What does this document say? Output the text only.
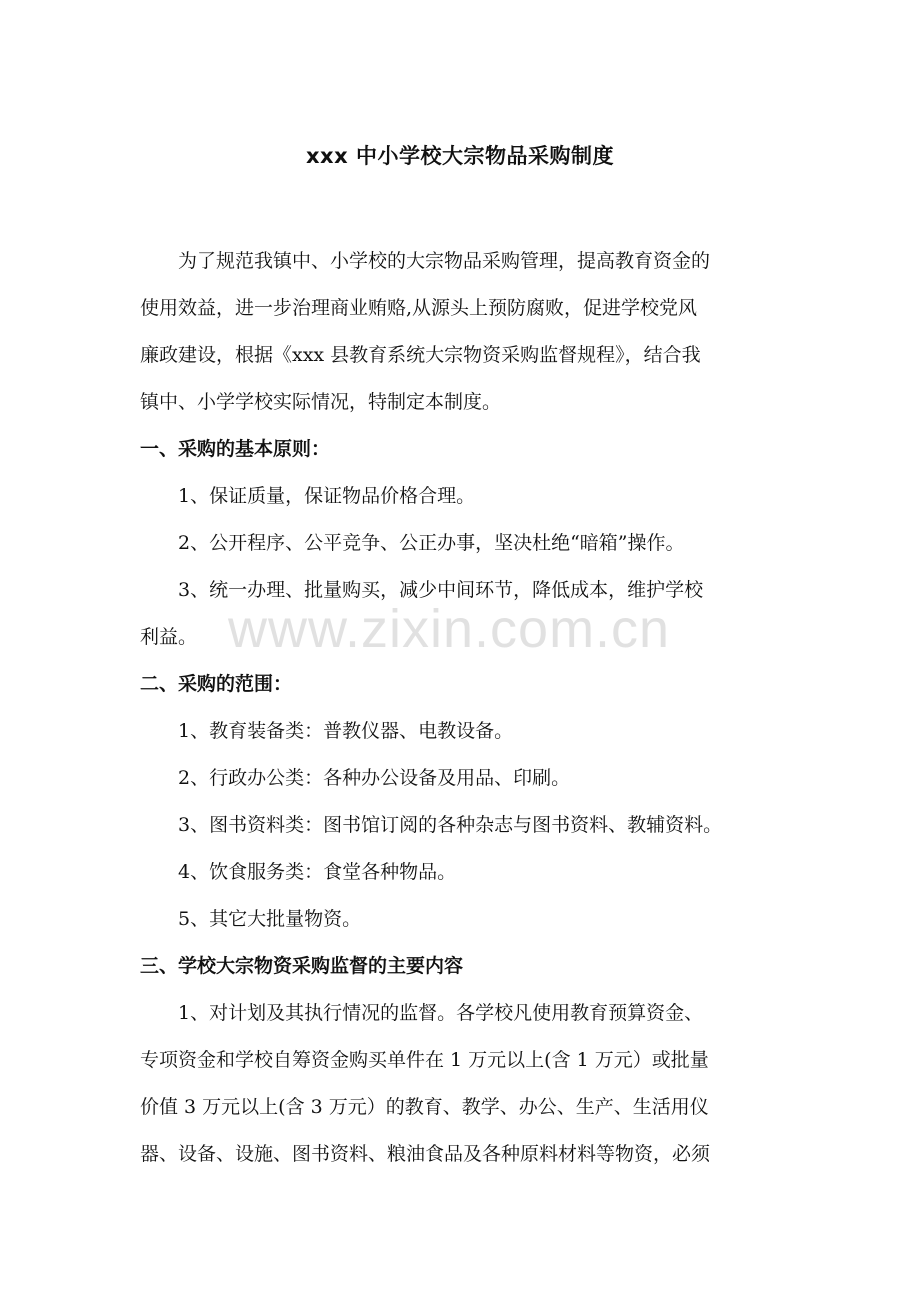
xxx 中小学校大宗物品采购制度

为了规范我镇中、小学校的大宗物品采购管理，提高教育资金的

使用效益，进一步治理商业贿赂,从源头上预防腐败，促进学校党风

廉政建设，根据《xxx 县教育系统大宗物资采购监督规程》，结合我

镇中、小学学校实际情况，特制定本制度。

一、采购的基本原则：

1、保证质量，保证物品价格合理。

2、公开程序、公平竞争、公正办事，坚决杜绝“暗箱”操作。

3、统一办理、批量购买，减少中间环节，降低成本，维护学校

利益。

二、采购的范围：

1、教育装备类：普教仪器、电教设备。

2、行政办公类：各种办公设备及用品、印刷。

3、图书资料类：图书馆订阅的各种杂志与图书资料、教辅资料。

4、饮食服务类：食堂各种物品。

5、其它大批量物资。

三、学校大宗物资采购监督的主要内容

1、对计划及其执行情况的监督。各学校凡使用教育预算资金、

专项资金和学校自筹资金购买单件在 1 万元以上(含 1 万元）或批量

价值 3 万元以上(含 3 万元）的教育、教学、办公、生产、生活用仪

器、设备、设施、图书资料、粮油食品及各种原料材料等物资，必须

www.zixin.com.cn
